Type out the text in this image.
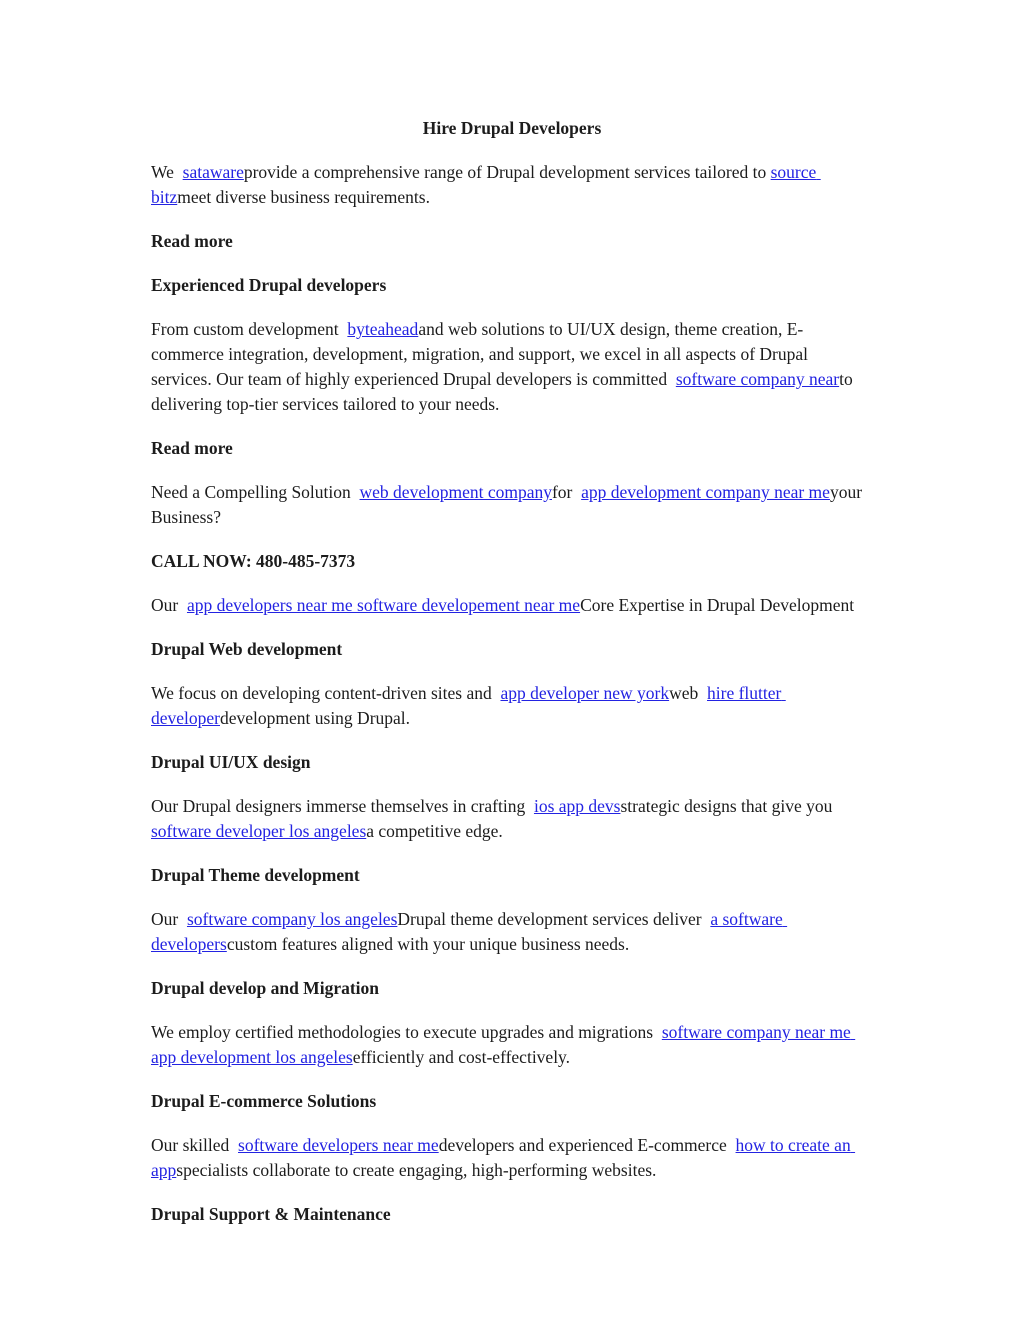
Hire Drupal Developers

We  satawareprovide a comprehensive range of Drupal development services tailored to source bitzmeet diverse business requirements.

Read more
Experienced Drupal developers

From custom development  byteaheadand web solutions to UI/UX design, theme creation, E-commerce integration, development, migration, and support, we excel in all aspects of Drupal services. Our team of highly experienced Drupal developers is committed  software company nearto delivering top-tier services tailored to your needs.

Read more

Need a Compelling Solution  web development companyfor  app development company near meyour Business?

CALL NOW: 480-485-7373

Our  app developers near me software developement near meCore Expertise in Drupal Development

Drupal Web development

We focus on developing content-driven sites and  app developer new yorkweb  hire flutter developerdevelopment using Drupal.

Drupal UI/UX design

Our Drupal designers immerse themselves in crafting  ios app devsstrategic designs that give you  software developer los angelesa competitive edge.

Drupal Theme development

Our  software company los angelesDrupal theme development services deliver  a software developerscustom features aligned with your unique business needs.

Drupal develop and Migration

We employ certified methodologies to execute upgrades and migrations  software company near me app development los angelesefficiently and cost-effectively.

Drupal E-commerce Solutions

Our skilled  software developers near medevelopers and experienced E-commerce  how to create an appspecialists collaborate to create engaging, high-performing websites.

Drupal Support & Maintenance
